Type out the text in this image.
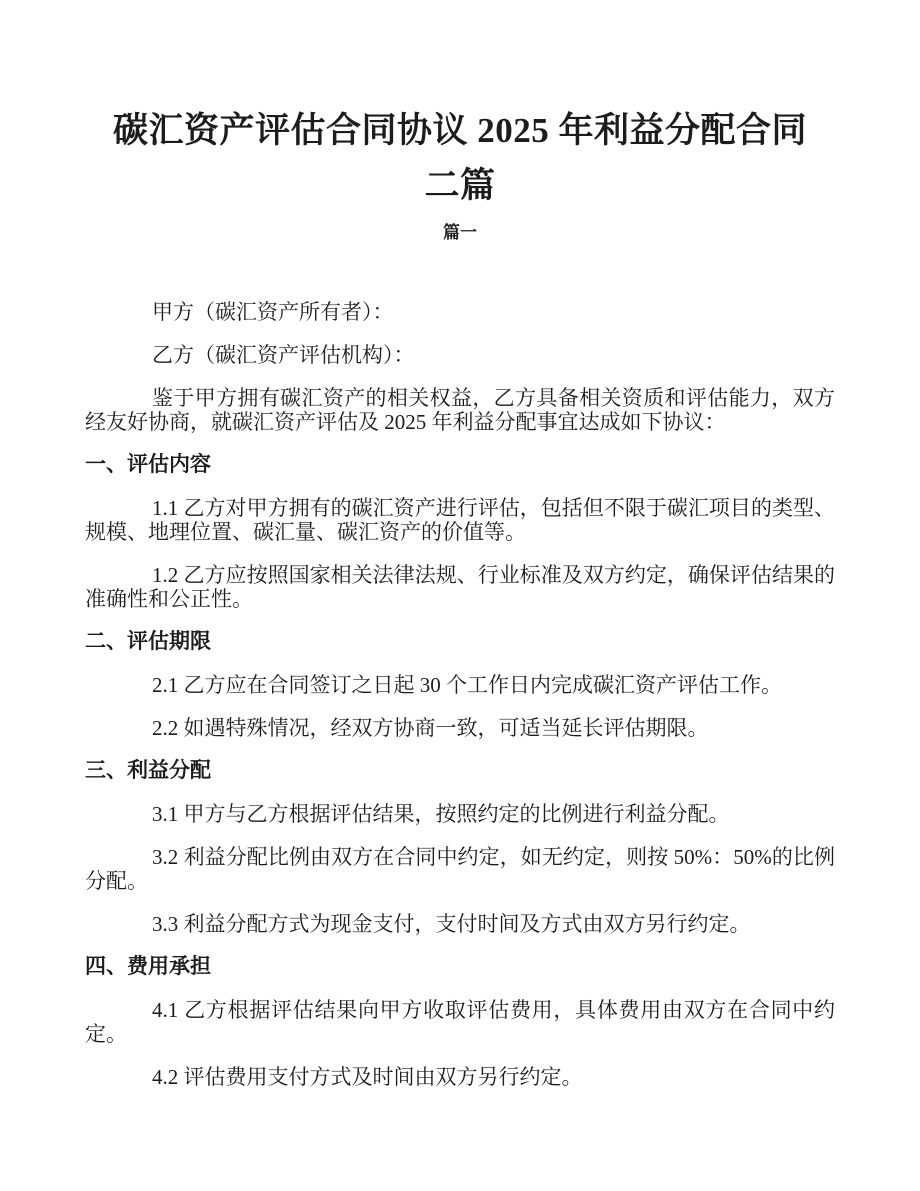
碳汇资产评估合同协议 2025 年利益分配合同
二篇
篇一

甲方（碳汇资产所有者）：

乙方（碳汇资产评估机构）：

鉴于甲方拥有碳汇资产的相关权益，乙方具备相关资质和评估能力，双方经友好协商，就碳汇资产评估及 2025 年利益分配事宜达成如下协议：

一、评估内容

1.1 乙方对甲方拥有的碳汇资产进行评估，包括但不限于碳汇项目的类型、规模、地理位置、碳汇量、碳汇资产的价值等。

1.2 乙方应按照国家相关法律法规、行业标准及双方约定，确保评估结果的准确性和公正性。

二、评估期限

2.1 乙方应在合同签订之日起 30 个工作日内完成碳汇资产评估工作。

2.2 如遇特殊情况，经双方协商一致，可适当延长评估期限。

三、利益分配

3.1 甲方与乙方根据评估结果，按照约定的比例进行利益分配。

3.2 利益分配比例由双方在合同中约定，如无约定，则按 50%：50%的比例分配。

3.3 利益分配方式为现金支付，支付时间及方式由双方另行约定。

四、费用承担

4.1 乙方根据评估结果向甲方收取评估费用，具体费用由双方在合同中约定。

4.2 评估费用支付方式及时间由双方另行约定。
